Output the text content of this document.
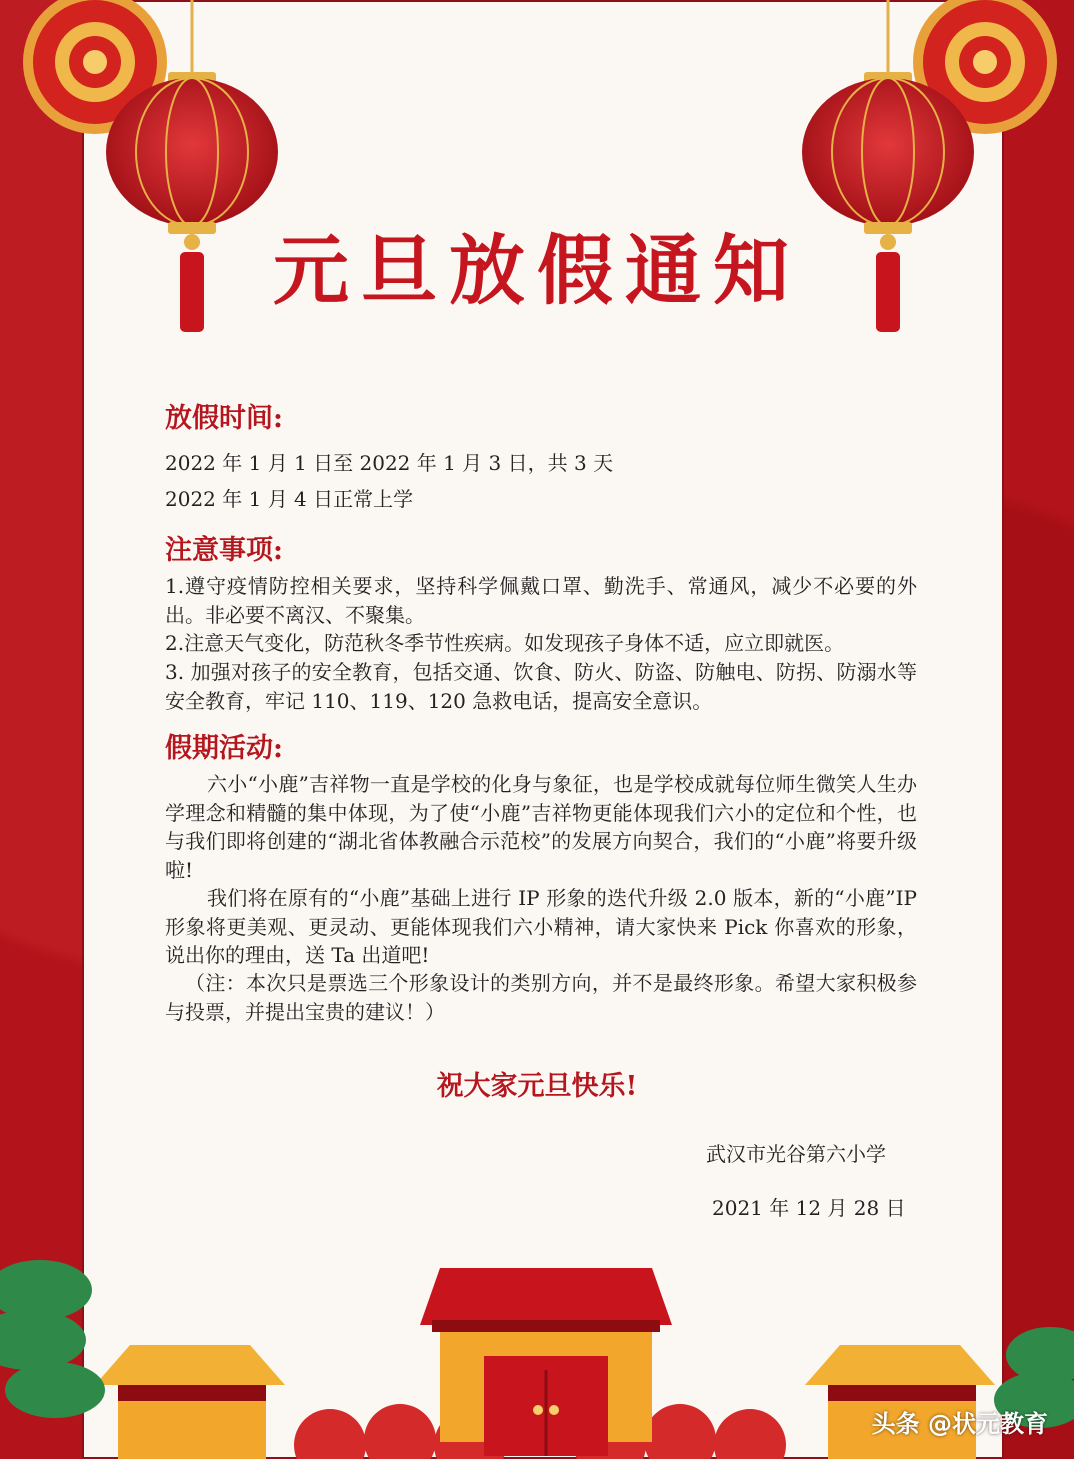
元旦放假通知
放假时间:
2022 年 1 月 1 日至 2022 年 1 月 3 日，共 3 天
2022 年 1 月 4 日正常上学
注意事项:
1.遵守疫情防控相关要求，坚持科学佩戴口罩、勤洗手、常通风，减少不必要的外出。非必要不离汉、不聚集。
2.注意天气变化，防范秋冬季节性疾病。如发现孩子身体不适，应立即就医。
3. 加强对孩子的安全教育，包括交通、饮食、防火、防盗、防触电、防拐、防溺水等安全教育，牢记 110、119、120 急救电话，提高安全意识。
假期活动:
六小“小鹿”吉祥物一直是学校的化身与象征，也是学校成就每位师生微笑人生办学理念和精髓的集中体现，为了使“小鹿”吉祥物更能体现我们六小的定位和个性，也与我们即将创建的“湖北省体教融合示范校”的发展方向契合，我们的“小鹿”将要升级啦!
我们将在原有的“小鹿”基础上进行 IP 形象的迭代升级 2.0 版本，新的“小鹿”IP 形象将更美观、更灵动、更能体现我们六小精神，请大家快来 Pick 你喜欢的形象，说出你的理由，送 Ta 出道吧!
（注：本次只是票选三个形象设计的类别方向，并不是最终形象。希望大家积极参与投票，并提出宝贵的建议！）
祝大家元旦快乐!
武汉市光谷第六小学
2021 年 12 月 28 日
头条 @状元教育
